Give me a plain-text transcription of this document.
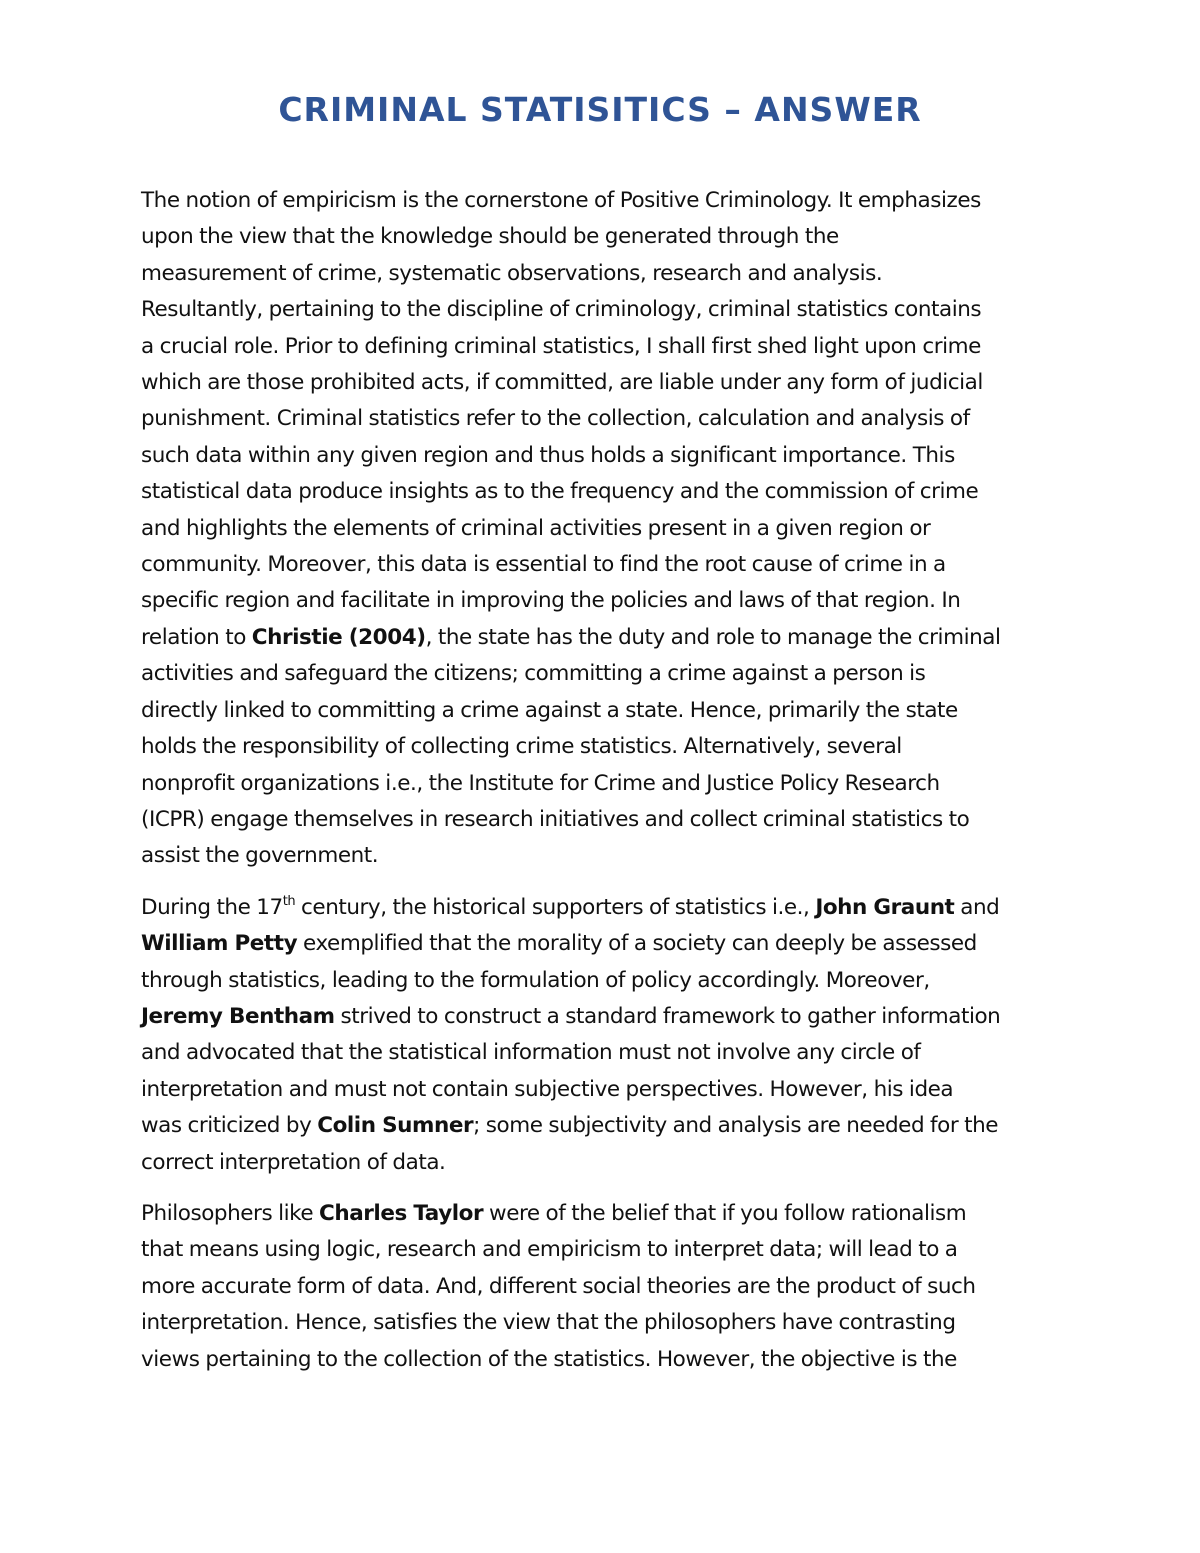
CRIMINAL STATISITICS – ANSWER

The notion of empiricism is the cornerstone of Positive Criminology. It emphasizes
upon the view that the knowledge should be generated through the
measurement of crime, systematic observations, research and analysis.
Resultantly, pertaining to the discipline of criminology, criminal statistics contains
a crucial role. Prior to defining criminal statistics, I shall first shed light upon crime
which are those prohibited acts, if committed, are liable under any form of judicial
punishment. Criminal statistics refer to the collection, calculation and analysis of
such data within any given region and thus holds a significant importance. This
statistical data produce insights as to the frequency and the commission of crime
and highlights the elements of criminal activities present in a given region or
community. Moreover, this data is essential to find the root cause of crime in a
specific region and facilitate in improving the policies and laws of that region. In
relation to Christie (2004), the state has the duty and role to manage the criminal
activities and safeguard the citizens; committing a crime against a person is
directly linked to committing a crime against a state. Hence, primarily the state
holds the responsibility of collecting crime statistics. Alternatively, several
nonprofit organizations i.e., the Institute for Crime and Justice Policy Research
(ICPR) engage themselves in research initiatives and collect criminal statistics to
assist the government.

During the 17th century, the historical supporters of statistics i.e., John Graunt and
William Petty exemplified that the morality of a society can deeply be assessed
through statistics, leading to the formulation of policy accordingly. Moreover,
Jeremy Bentham strived to construct a standard framework to gather information
and advocated that the statistical information must not involve any circle of
interpretation and must not contain subjective perspectives. However, his idea
was criticized by Colin Sumner; some subjectivity and analysis are needed for the
correct interpretation of data.

Philosophers like Charles Taylor were of the belief that if you follow rationalism
that means using logic, research and empiricism to interpret data; will lead to a
more accurate form of data. And, different social theories are the product of such
interpretation. Hence, satisfies the view that the philosophers have contrasting
views pertaining to the collection of the statistics. However, the objective is the
